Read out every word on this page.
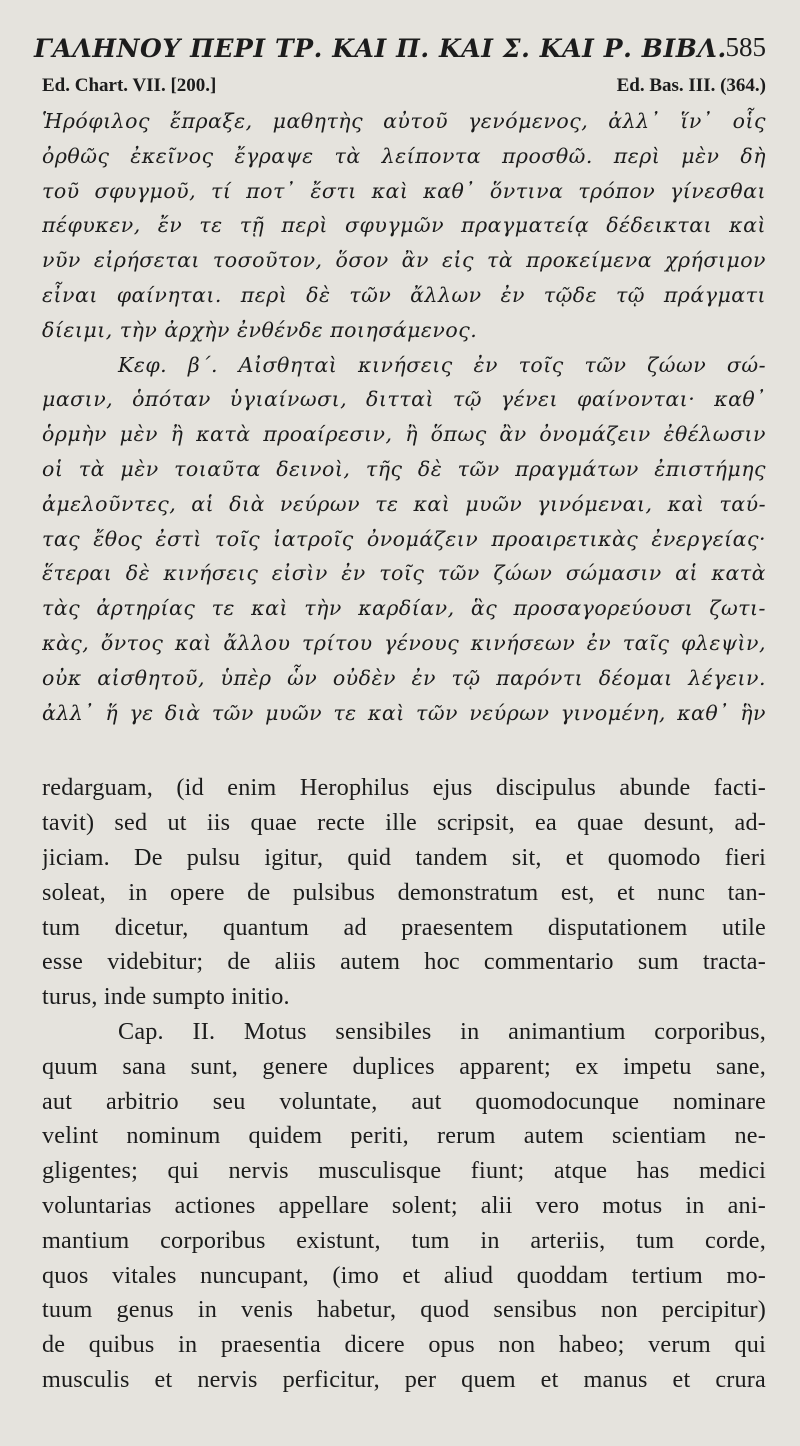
ΓΑΛΗΝΟΥ ΠΕΡΙ ΤΡ. ΚΑΙ Π. ΚΑΙ Σ. ΚΑΙ Ρ. ΒΙΒΛ.
585
Ed. Chart. VII. [200.]	Ed. Bas. III. (364.)
Ἡρόφιλος ἔπραξε, μαθητὴς αὐτοῦ γενόμενος, ἀλλ᾽ ἵν᾽ οἷς
ὀρθῶς ἐκεῖνος ἔγραψε τὰ λείποντα προσθῶ. περὶ μὲν δὴ
τοῦ σφυγμοῦ, τί ποτ᾽ ἔστι καὶ καθ᾽ ὅντινα τρόπον γίνεσθαι
πέφυκεν, ἔν τε τῇ περὶ σφυγμῶν πραγματείᾳ δέδεικται καὶ
νῦν εἰρήσεται τοσοῦτον, ὅσον ἂν εἰς τὰ προκείμενα χρήσιμον
εἶναι φαίνηται. περὶ δὲ τῶν ἄλλων ἐν τῷδε τῷ πράγματι
δίειμι, τὴν ἀρχὴν ἐνθένδε ποιησάμενος.
Κεφ. β΄. Αἰσθηταὶ κινήσεις ἐν τοῖς τῶν ζώων σώ-
μασιν, ὁπόταν ὑγιαίνωσι, διτταὶ τῷ γένει φαίνονται· καθ᾽
ὁρμὴν μὲν ἢ κατὰ προαίρεσιν, ἢ ὅπως ἂν ὀνομάζειν ἐθέλωσιν
οἱ τὰ μὲν τοιαῦτα δεινοὶ, τῆς δὲ τῶν πραγμάτων ἐπιστήμης
ἀμελοῦντες, αἱ διὰ νεύρων τε καὶ μυῶν γινόμεναι, καὶ ταύ-
τας ἔθος ἐστὶ τοῖς ἰατροῖς ὀνομάζειν προαιρετικὰς ἐνεργείας·
ἕτεραι δὲ κινήσεις εἰσὶν ἐν τοῖς τῶν ζώων σώμασιν αἱ κατὰ
τὰς ἀρτηρίας τε καὶ τὴν καρδίαν, ἃς προσαγορεύουσι ζωτι-
κὰς, ὄντος καὶ ἄλλου τρίτου γένους κινήσεων ἐν ταῖς φλεψὶν,
οὐκ αἰσθητοῦ, ὑπὲρ ὧν οὐδὲν ἐν τῷ παρόντι δέομαι λέγειν.
ἀλλ᾽ ἥ γε διὰ τῶν μυῶν τε καὶ τῶν νεύρων γινομένη, καθ᾽ ἣν
redarguam, (id enim Herophilus ejus discipulus abunde facti-
tavit) sed ut iis quae recte ille scripsit, ea quae desunt, ad-
jiciam. De pulsu igitur, quid tandem sit, et quomodo fieri
soleat, in opere de pulsibus demonstratum est, et nunc tan-
tum dicetur, quantum ad praesentem disputationem utile
esse videbitur; de aliis autem hoc commentario sum tracta-
turus, inde sumpto initio.
Cap. II. Motus sensibiles in animantium corporibus,
quum sana sunt, genere duplices apparent; ex impetu sane,
aut arbitrio seu voluntate, aut quomodocunque nominare
velint nominum quidem periti, rerum autem scientiam ne-
gligentes; qui nervis musculisque fiunt; atque has medici
voluntarias actiones appellare solent; alii vero motus in ani-
mantium corporibus existunt, tum in arteriis, tum corde,
quos vitales nuncupant, (imo et aliud quoddam tertium mo-
tuum genus in venis habetur, quod sensibus non percipitur)
de quibus in praesentia dicere opus non habeo; verum qui
musculis et nervis perficitur, per quem et manus et crura
